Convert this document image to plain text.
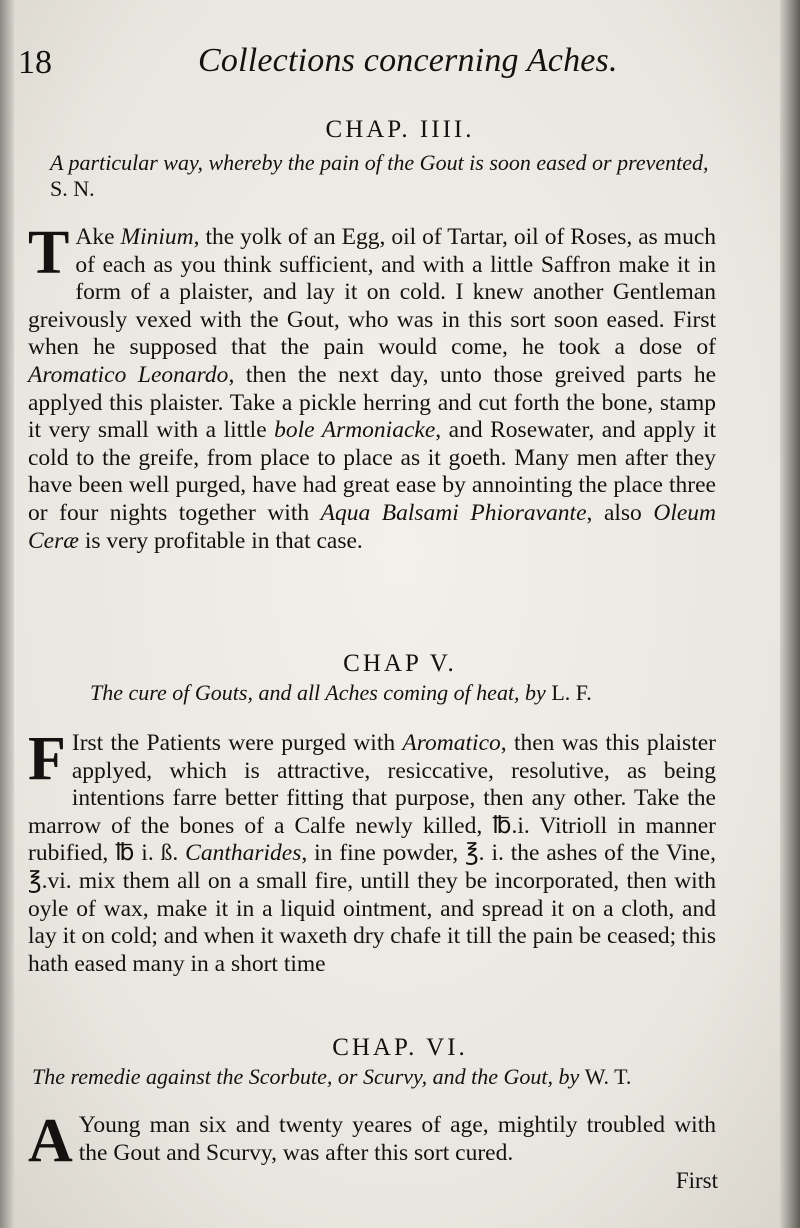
18	Collections concerning Aches.
CHAP. IIII.
A particular way, whereby the pain of the Gout is soon eased or prevented, S. N.
T Ake Minium, the yolk of an Egg, oil of Tartar, oil of Roses, as much of each as you think sufficient, and with a little Saffron make it in form of a plaister, and lay it on cold. I knew another Gentleman greivously vexed with the Gout, who was in this sort soon eased. First when he supposed that the pain would come, he took a dose of Aromatico Leonardo, then the next day, unto those greived parts he applyed this plaister. Take a pickle herring and cut forth the bone, stamp it very small with a little bole Armoniacke, and Rosewater, and apply it cold to the greife, from place to place as it goeth. Many men after they have been well purged, have had great ease by annointing the place three or four nights together with Aqua Balsami Phioravante, also Oleum Ceræ is very profitable in that case.
CHAP V.
The cure of Gouts, and all Aches coming of heat, by L. F.
F Irst the Patients were purged with Aromatico, then was this plaister applyed, which is attractive, resiccative, resolutive, as being intentions farre better fitting that purpose, then any other. Take the marrow of the bones of a Calfe newly killed, ℔.i. Vitrioll in manner rubified, ℔ i. ß. Cantharides, in fine powder, ℥. i. the ashes of the Vine, ℥.vi. mix them all on a small fire, untill they be incorporated, then with oyle of wax, make it in a liquid ointment, and spread it on a cloth, and lay it on cold; and when it waxeth dry chafe it till the pain be ceased; this hath eased many in a short time
CHAP. VI.
The remedie against the Scorbute, or Scurvy, and the Gout, by W. T.
A Young man six and twenty yeares of age, mightily troubled with the Gout and Scurvy, was after this sort cured.
First
